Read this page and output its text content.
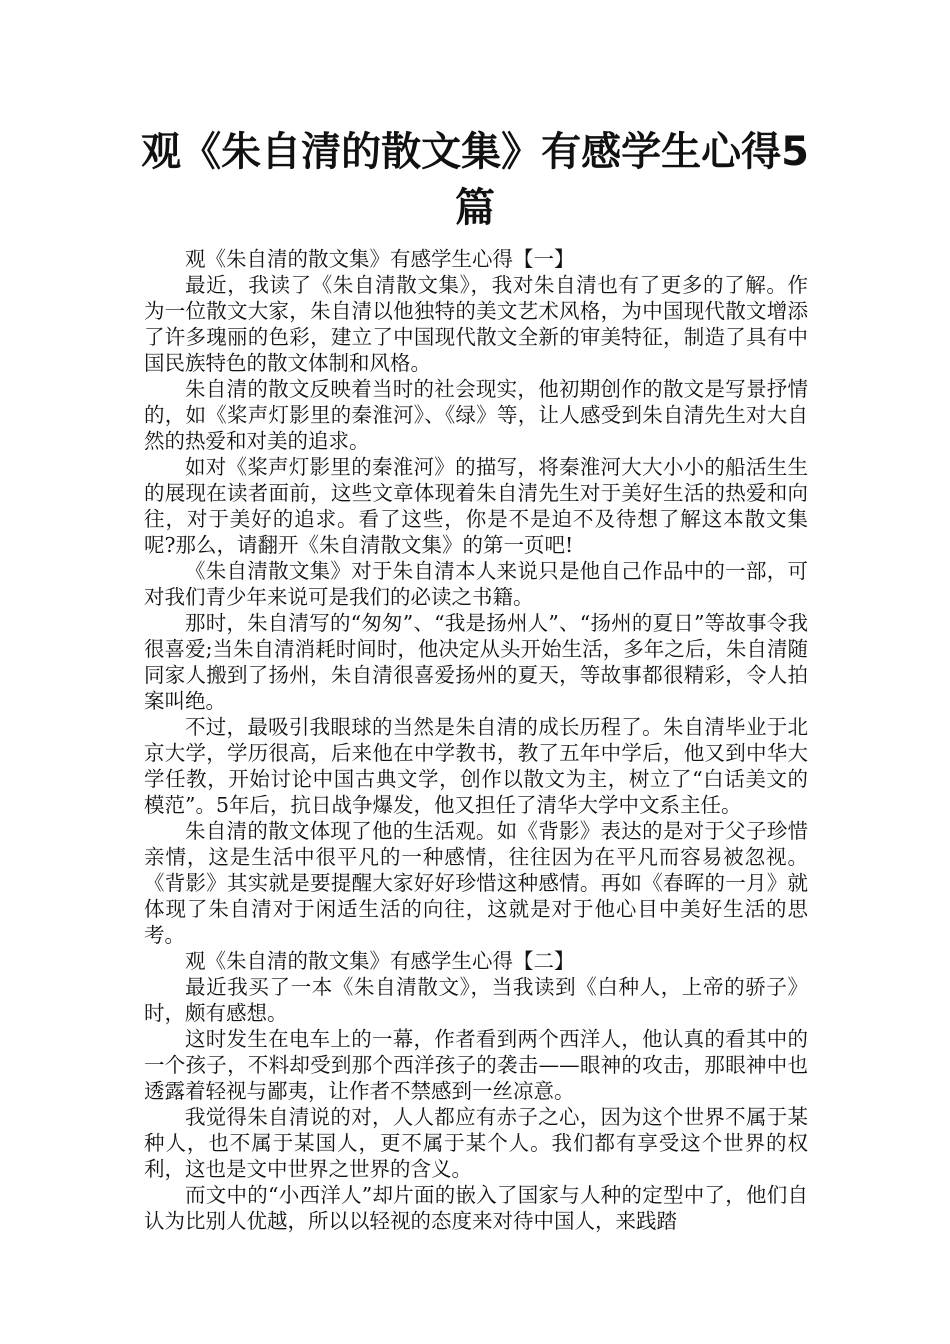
观《朱自清的散文集》有感学生心得5篇

观《朱自清的散文集》有感学生心得【一】

最近，我读了《朱自清散文集》，我对朱自清也有了更多的了解。作为一位散文大家，朱自清以他独特的美文艺术风格，为中国现代散文增添了许多瑰丽的色彩，建立了中国现代散文全新的审美特征，制造了具有中国民族特色的散文体制和风格。

朱自清的散文反映着当时的社会现实，他初期创作的散文是写景抒情的，如《桨声灯影里的秦淮河》、《绿》等，让人感受到朱自清先生对大自然的热爱和对美的追求。

如对《桨声灯影里的秦淮河》的描写，将秦淮河大大小小的船活生生的展现在读者面前，这些文章体现着朱自清先生对于美好生活的热爱和向往，对于美好的追求。看了这些，你是不是迫不及待想了解这本散文集呢?那么，请翻开《朱自清散文集》的第一页吧!

《朱自清散文集》对于朱自清本人来说只是他自己作品中的一部，可对我们青少年来说可是我们的必读之书籍。

那时，朱自清写的“匆匆”、“我是扬州人”、“扬州的夏日”等故事令我很喜爱;当朱自清消耗时间时，他决定从头开始生活，多年之后，朱自清随同家人搬到了扬州，朱自清很喜爱扬州的夏天，等故事都很精彩，令人拍案叫绝。

不过，最吸引我眼球的当然是朱自清的成长历程了。朱自清毕业于北京大学，学历很高，后来他在中学教书，教了五年中学后，他又到中华大学任教，开始讨论中国古典文学，创作以散文为主，树立了“白话美文的模范”。5年后，抗日战争爆发，他又担任了清华大学中文系主任。

朱自清的散文体现了他的生活观。如《背影》表达的是对于父子珍惜亲情，这是生活中很平凡的一种感情，往往因为在平凡而容易被忽视。《背影》其实就是要提醒大家好好珍惜这种感情。再如《春晖的一月》就体现了朱自清对于闲适生活的向往，这就是对于他心目中美好生活的思考。

观《朱自清的散文集》有感学生心得【二】

最近我买了一本《朱自清散文》，当我读到《白种人，上帝的骄子》时，颇有感想。

这时发生在电车上的一幕，作者看到两个西洋人，他认真的看其中的一个孩子，不料却受到那个西洋孩子的袭击——眼神的攻击，那眼神中也透露着轻视与鄙夷，让作者不禁感到一丝凉意。

我觉得朱自清说的对，人人都应有赤子之心，因为这个世界不属于某种人，也不属于某国人，更不属于某个人。我们都有享受这个世界的权利，这也是文中世界之世界的含义。

而文中的“小西洋人”却片面的嵌入了国家与人种的定型中了，他们自认为比别人优越，所以以轻视的态度来对待中国人，来践踏
